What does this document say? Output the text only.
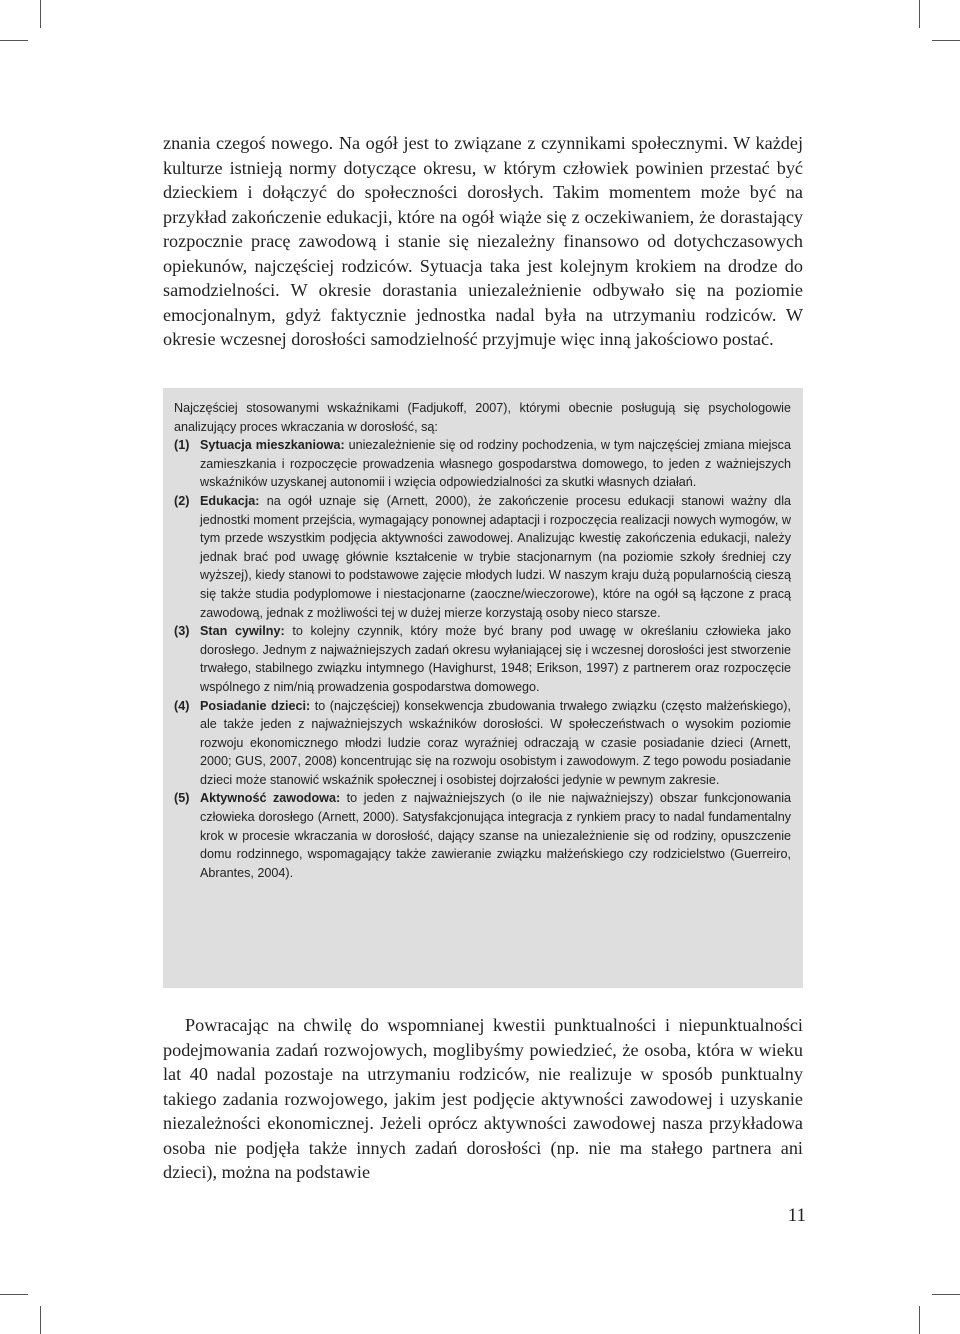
znania czegoś nowego. Na ogół jest to związane z czynnikami społecznymi. W każdej kulturze istnieją normy dotyczące okresu, w którym człowiek powinien przestać być dzieckiem i dołączyć do społeczności dorosłych. Takim momentem może być na przykład zakończenie edukacji, które na ogół wiąże się z oczekiwaniem, że dorastający rozpocznie pracę zawodową i stanie się niezależny finansowo od dotychczasowych opiekunów, najczęściej rodziców. Sytuacja taka jest kolejnym krokiem na drodze do samodzielności. W okresie dorastania uniezależnienie odbywało się na poziomie emocjonalnym, gdyż faktycznie jednostka nadal była na utrzymaniu rodziców. W okresie wczesnej dorosłości samodzielność przyjmuje więc inną jakościowo postać.

Najczęściej stosowanymi wskaźnikami (Fadjukoff, 2007), którymi obecnie posługują się psychologowie analizujący proces wkraczania w dorosłość, są:

(1) Sytuacja mieszkaniowa: uniezależnienie się od rodziny pochodzenia, w tym najczęściej zmiana miejsca zamieszkania i rozpoczęcie prowadzenia własnego gospodarstwa domowego, to jeden z ważniejszych wskaźników uzyskanej autonomii i wzięcia odpowiedzialności za skutki własnych działań.
(2) Edukacja: na ogół uznaje się (Arnett, 2000), że zakończenie procesu edukacji stanowi ważny dla jednostki moment przejścia, wymagający ponownej adaptacji i rozpoczęcia realizacji nowych wymogów, w tym przede wszystkim podjęcia aktywności zawodowej. Analizując kwestię zakończenia edukacji, należy jednak brać pod uwagę głównie kształcenie w trybie stacjonarnym (na poziomie szkoły średniej czy wyższej), kiedy stanowi to podstawowe zajęcie młodych ludzi. W naszym kraju dużą popularnością cieszą się także studia podyplomowe i niestacjonarne (zaoczne/wieczorowe), które na ogół są łączone z pracą zawodową, jednak z możliwości tej w dużej mierze korzystają osoby nieco starsze.
(3) Stan cywilny: to kolejny czynnik, który może być brany pod uwagę w określaniu człowieka jako dorosłego. Jednym z najważniejszych zadań okresu wyłaniającej się i wczesnej dorosłości jest stworzenie trwałego, stabilnego związku intymnego (Havighurst, 1948; Erikson, 1997) z partnerem oraz rozpoczęcie wspólnego z nim/nią prowadzenia gospodarstwa domowego.
(4) Posiadanie dzieci: to (najczęściej) konsekwencja zbudowania trwałego związku (często małżeńskiego), ale także jeden z najważniejszych wskaźników dorosłości. W społeczeństwach o wysokim poziomie rozwoju ekonomicznego młodzi ludzie coraz wyraźniej odraczają w czasie posiadanie dzieci (Arnett, 2000; GUS, 2007, 2008) koncentrując się na rozwoju osobistym i zawodowym. Z tego powodu posiadanie dzieci może stanowić wskaźnik społecznej i osobistej dojrzałości jedynie w pewnym zakresie.
(5) Aktywność zawodowa: to jeden z najważniejszych (o ile nie najważniejszy) obszar funkcjonowania człowieka dorosłego (Arnett, 2000). Satysfakcjonująca integracja z rynkiem pracy to nadal fundamentalny krok w procesie wkraczania w dorosłość, dający szanse na uniezależnienie się od rodziny, opuszczenie domu rodzinnego, wspomagający także zawieranie związku małżeńskiego czy rodzicielstwo (Guerreiro, Abrantes, 2004).

Powracając na chwilę do wspomnianej kwestii punktualności i niepunktualności podejmowania zadań rozwojowych, moglibyśmy powiedzieć, że osoba, która w wieku lat 40 nadal pozostaje na utrzymaniu rodziców, nie realizuje w sposób punktualny takiego zadania rozwojowego, jakim jest podjęcie aktywności zawodowej i uzyskanie niezależności ekonomicznej. Jeżeli oprócz aktywności zawodowej nasza przykładowa osoba nie podjęła także innych zadań dorosłości (np. nie ma stałego partnera ani dzieci), można na podstawie

11
